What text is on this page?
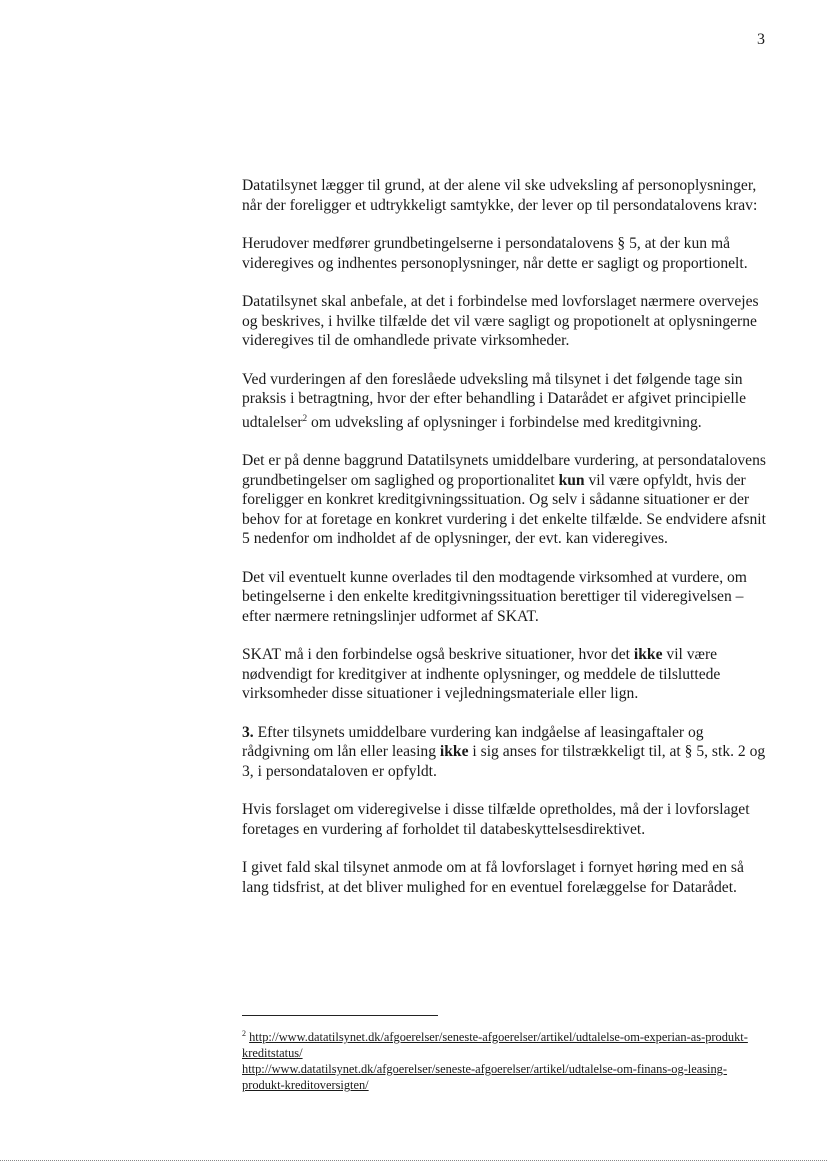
3

Datatilsynet lægger til grund, at der alene vil ske udveksling af personoplysninger, når der foreligger et udtrykkeligt samtykke, der lever op til persondatalovens krav:

Herudover medfører grundbetingelserne i persondatalovens § 5, at der kun må videregives og indhentes personoplysninger, når dette er sagligt og proportionelt.

Datatilsynet skal anbefale, at det i forbindelse med lovforslaget nærmere overvejes og beskrives, i hvilke tilfælde det vil være sagligt og propotionelt at oplysningerne videregives til de omhandlede private virksomheder.

Ved vurderingen af den foreslåede udveksling må tilsynet i det følgende tage sin praksis i betragtning, hvor der efter behandling i Datarådet er afgivet principielle udtalelser$^2$ om udveksling af oplysninger i forbindelse med kreditgivning.

Det er på denne baggrund Datatilsynets umiddelbare vurdering, at persondatalovens grundbetingelser om saglighed og proportionalitet kun vil være opfyldt, hvis der foreligger en konkret kreditgivningssituation. Og selv i sådanne situationer er der behov for at foretage en konkret vurdering i det enkelte tilfælde. Se endvidere afsnit 5 nedenfor om indholdet af de oplysninger, der evt. kan videregives.

Det vil eventuelt kunne overlades til den modtagende virksomhed at vurdere, om betingelserne i den enkelte kreditgivningssituation berettiger til videregivelsen – efter nærmere retningslinjer udformet af SKAT.

SKAT må i den forbindelse også beskrive situationer, hvor det ikke vil være nødvendigt for kreditgiver at indhente oplysninger, og meddele de tilsluttede virksomheder disse situationer i vejledningsmateriale eller lign.

3. Efter tilsynets umiddelbare vurdering kan indgåelse af leasingaftaler og rådgivning om lån eller leasing ikke i sig anses for tilstrækkeligt til, at § 5, stk. 2 og 3, i persondataloven er opfyldt.

Hvis forslaget om videregivelse i disse tilfælde opretholdes, må der i lovforslaget foretages en vurdering af forholdet til databeskyttelsesdirektivet.

I givet fald skal tilsynet anmode om at få lovforslaget i fornyet høring med en så lang tidsfrist, at det bliver mulighed for en eventuel forelæggelse for Datarådet.

$^2$ http://www.datatilsynet.dk/afgoerelser/seneste-afgoerelser/artikel/udtalelse-om-experian-as-produkt-kreditstatus/

http://www.datatilsynet.dk/afgoerelser/seneste-afgoerelser/artikel/udtalelse-om-finans-og-leasing-produkt-kreditoversigten/
